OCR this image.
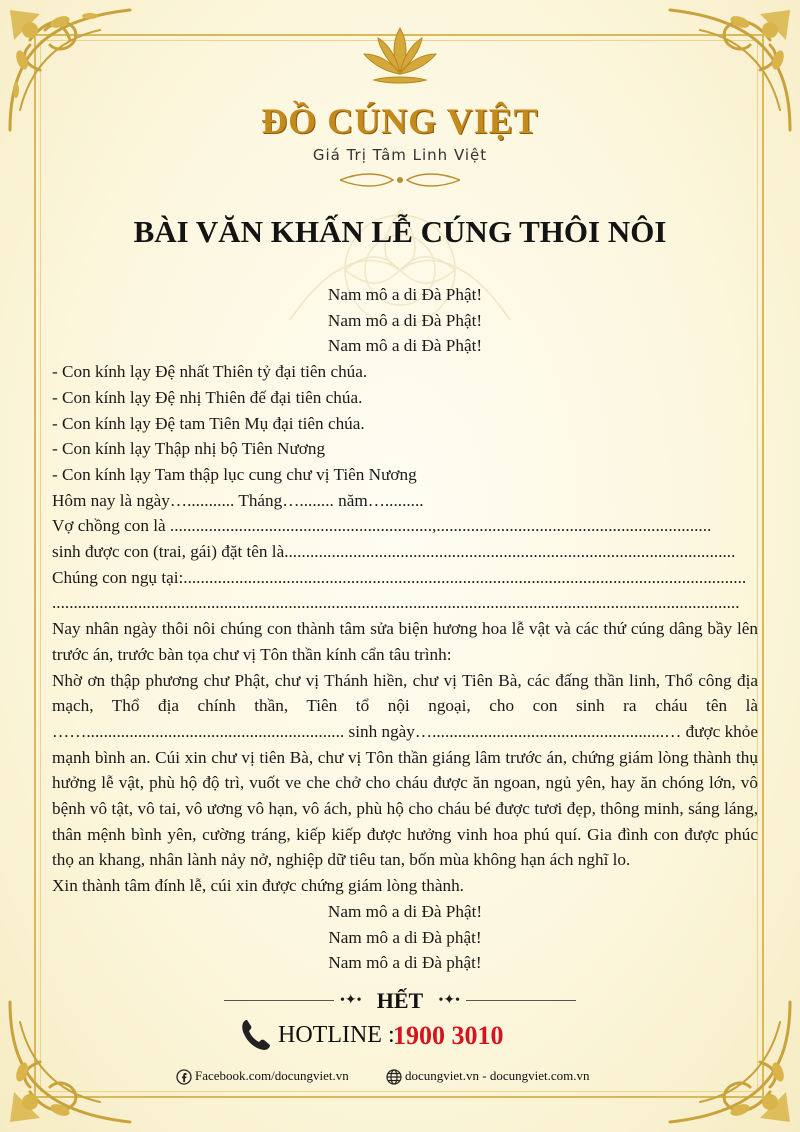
ĐỒ CÚNG VIỆT
Giá Trị Tâm Linh Việt
BÀI VĂN KHẤN LỄ CÚNG THÔI NÔI
Nam mô a di Đà Phật!
Nam mô a di Đà Phật!
Nam mô a di Đà Phật!
- Con kính lạy Đệ nhất Thiên tỷ đại tiên chúa.
- Con kính lạy Đệ nhị Thiên đế đại tiên chúa.
- Con kính lạy Đệ tam Tiên Mụ đại tiên chúa.
- Con kính lạy Thập nhị bộ Tiên Nương
- Con kính lạy Tam thập lục cung chư vị Tiên Nương
Hôm nay là ngày…........... Tháng…........ năm….........
Vợ chồng con là .............................................................,................................................................
sinh được con (trai, gái) đặt tên là.........................................................................................................
Chúng con ngụ tại:...................................................................................................................................
................................................................................................................................................................
Nay nhân ngày thôi nôi chúng con thành tâm sửa biện hương hoa lễ vật và các thứ cúng dâng bầy lên trước án, trước bàn tọa chư vị Tôn thần kính cẩn tâu trình:
Nhờ ơn thập phương chư Phật, chư vị Thánh hiền, chư vị Tiên Bà, các đấng thần linh, Thổ công địa mạch, Thổ địa chính thần, Tiên tổ nội ngoại, cho con sinh ra cháu tên là ……............................................................ sinh ngày…......................................................… được khỏe mạnh bình an. Cúi xin chư vị tiên Bà, chư vị Tôn thần giáng lâm trước án, chứng giám lòng thành thụ hưởng lễ vật, phù hộ độ trì, vuốt ve che chở cho cháu được ăn ngoan, ngủ yên, hay ăn chóng lớn, vô bệnh vô tật, vô tai, vô ương vô hạn, vô ách, phù hộ cho cháu bé được tươi đẹp, thông minh, sáng láng, thân mệnh bình yên, cường tráng, kiếp kiếp được hưởng vinh hoa phú quí. Gia đình con được phúc thọ an khang, nhân lành nảy nở, nghiệp dữ tiêu tan, bốn mùa không hạn ách nghĩ lo.
Xin thành tâm đính lễ, cúi xin được chứng giám lòng thành.
Nam mô a di Đà Phật!
Nam mô a di Đà phật!
Nam mô a di Đà phật!
•✦•	•✦•
HẾT
HOTLINE :
1900 3010
Facebook.com/docungviet.vn	docungviet.vn - docungviet.com.vn
